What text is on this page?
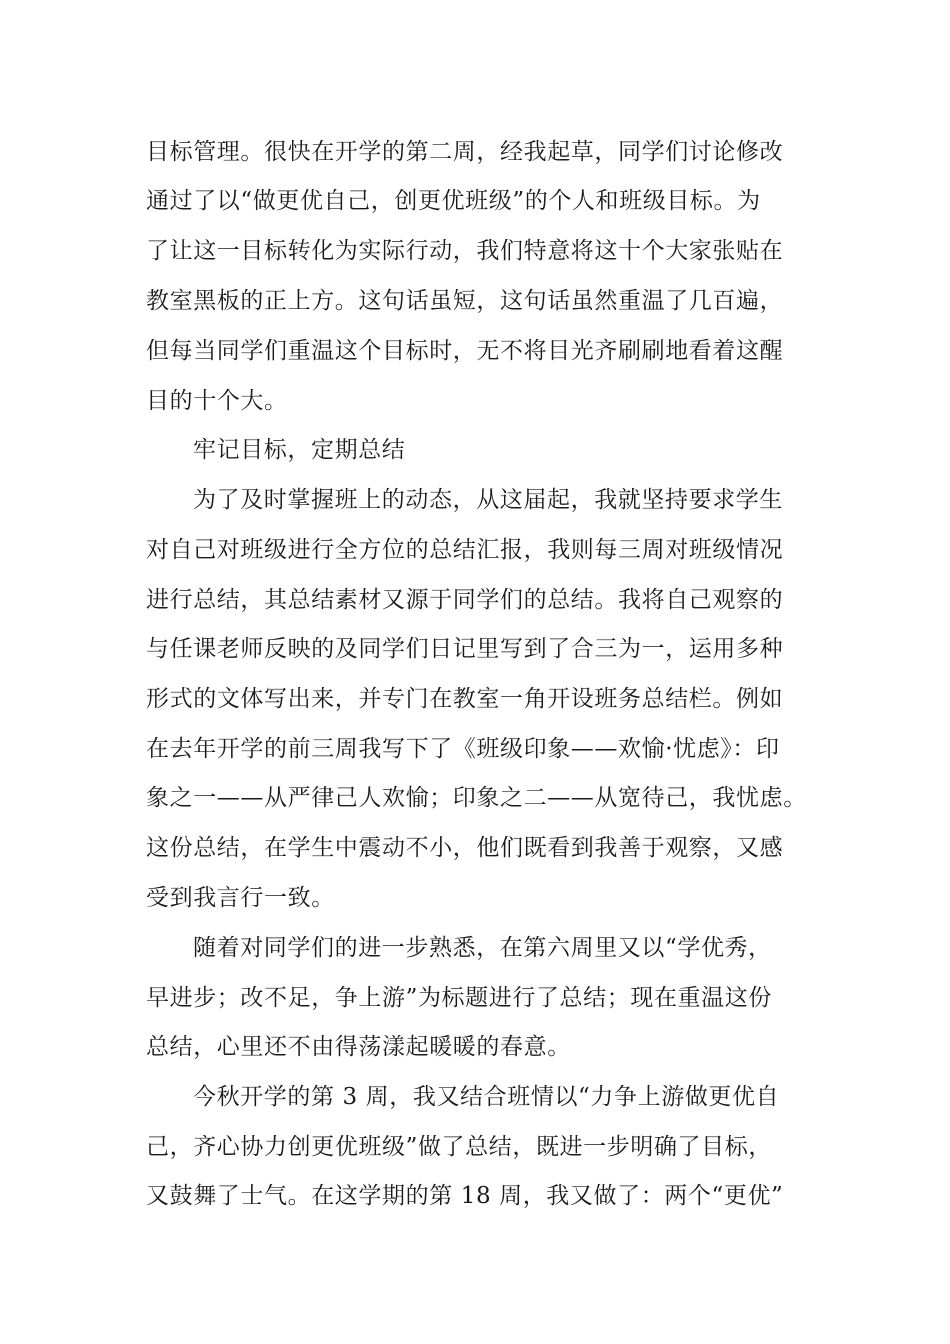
目标管理。很快在开学的第二周，经我起草，同学们讨论修改
通过了以“做更优自己，创更优班级”的个人和班级目标。为
了让这一目标转化为实际行动，我们特意将这十个大家张贴在
教室黑板的正上方。这句话虽短，这句话虽然重温了几百遍，
但每当同学们重温这个目标时，无不将目光齐刷刷地看着这醒
目的十个大。
牢记目标，定期总结
为了及时掌握班上的动态，从这届起，我就坚持要求学生
对自己对班级进行全方位的总结汇报，我则每三周对班级情况
进行总结，其总结素材又源于同学们的总结。我将自己观察的
与任课老师反映的及同学们日记里写到了合三为一，运用多种
形式的文体写出来，并专门在教室一角开设班务总结栏。例如
在去年开学的前三周我写下了《班级印象——欢愉·忧虑》：印
象之一——从严律己人欢愉；印象之二——从宽待己，我忧虑。
这份总结，在学生中震动不小，他们既看到我善于观察，又感
受到我言行一致。
随着对同学们的进一步熟悉，在第六周里又以“学优秀，
早进步；改不足，争上游”为标题进行了总结；现在重温这份
总结，心里还不由得荡漾起暖暖的春意。
今秋开学的第 3 周，我又结合班情以“力争上游做更优自
己，齐心协力创更优班级”做了总结，既进一步明确了目标，
又鼓舞了士气。在这学期的第 18 周，我又做了：两个“更优”
